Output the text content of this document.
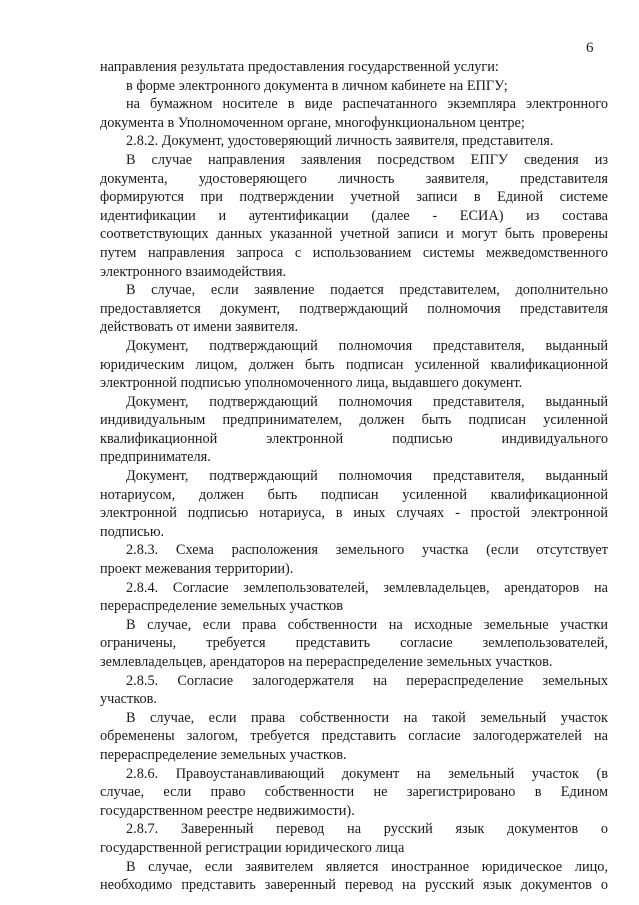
6
направления результата предоставления государственной услуги:
в форме электронного документа в личном кабинете на ЕПГУ;
на бумажном носителе в виде распечатанного экземпляра электронного
документа в Уполномоченном органе, многофункциональном центре;
2.8.2. Документ, удостоверяющий личность заявителя, представителя.
В случае направления заявления посредством ЕПГУ сведения из
документа, удостоверяющего личность заявителя, представителя
формируются при подтверждении учетной записи в Единой системе
идентификации и аутентификации (далее - ЕСИА) из состава
соответствующих данных указанной учетной записи и могут быть проверены
путем направления запроса с использованием системы межведомственного
электронного взаимодействия.
В случае, если заявление подается представителем, дополнительно
предоставляется документ, подтверждающий полномочия представителя
действовать от имени заявителя.
Документ, подтверждающий полномочия представителя, выданный
юридическим лицом, должен быть подписан усиленной квалификационной
электронной подписью уполномоченного лица, выдавшего документ.
Документ, подтверждающий полномочия представителя, выданный
индивидуальным предпринимателем, должен быть подписан усиленной
квалификационной электронной подписью индивидуального
предпринимателя.
Документ, подтверждающий полномочия представителя, выданный
нотариусом, должен быть подписан усиленной квалификационной
электронной подписью нотариуса, в иных случаях - простой электронной
подписью.
2.8.3. Схема расположения земельного участка (если отсутствует
проект межевания территории).
2.8.4. Согласие землепользователей, землевладельцев, арендаторов на
перераспределение земельных участков
В случае, если права собственности на исходные земельные участки
ограничены, требуется представить согласие землепользователей,
землевладельцев, арендаторов на перераспределение земельных участков.
2.8.5. Согласие залогодержателя на перераспределение земельных
участков.
В случае, если права собственности на такой земельный участок
обременены залогом, требуется представить согласие залогодержателей на
перераспределение земельных участков.
2.8.6. Правоустанавливающий документ на земельный участок (в
случае, если право собственности не зарегистрировано в Едином
государственном реестре недвижимости).
2.8.7. Заверенный перевод на русский язык документов о
государственной регистрации юридического лица
В случае, если заявителем является иностранное юридическое лицо,
необходимо представить заверенный перевод на русский язык документов о
